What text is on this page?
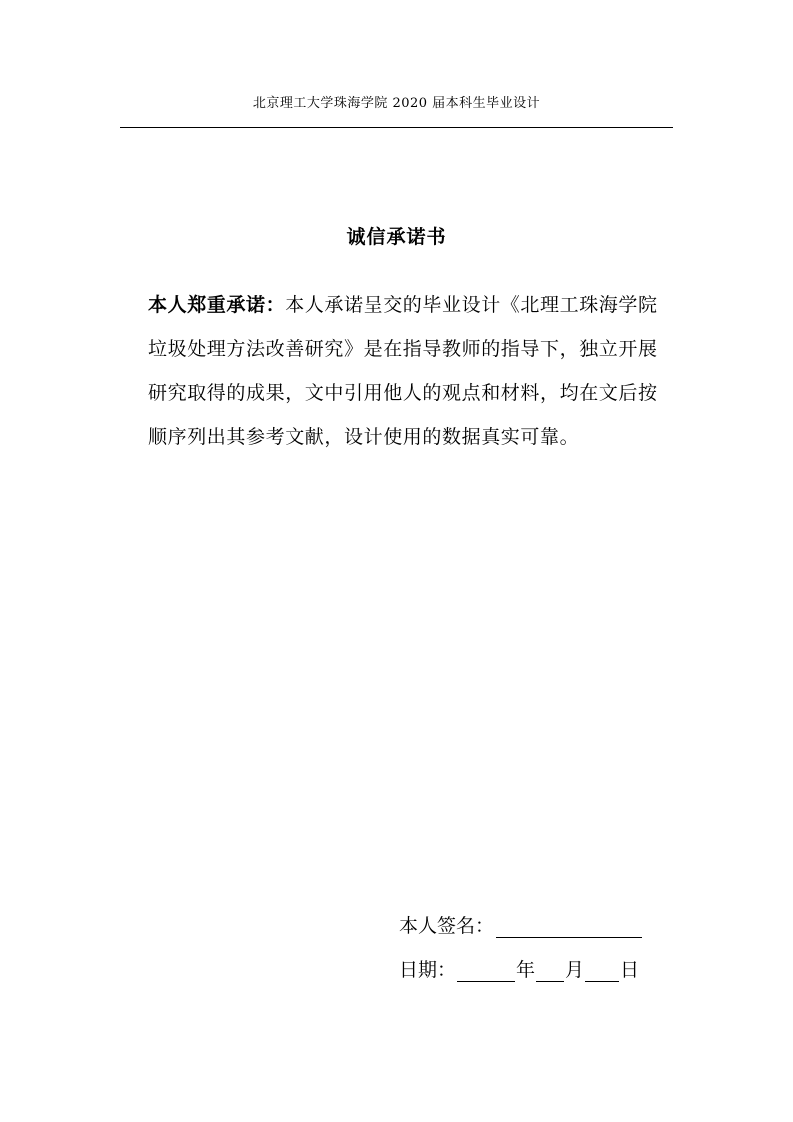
北京理工大学珠海学院 2020 届本科生毕业设计
诚信承诺书

本人郑重承诺：本人承诺呈交的毕业设计《北理工珠海学院垃圾处理方法改善研究》是在指导教师的指导下，独立开展研究取得的成果，文中引用他人的观点和材料，均在文后按顺序列出其参考文献，设计使用的数据真实可靠。

本人签名：
日期：	年 月 日
